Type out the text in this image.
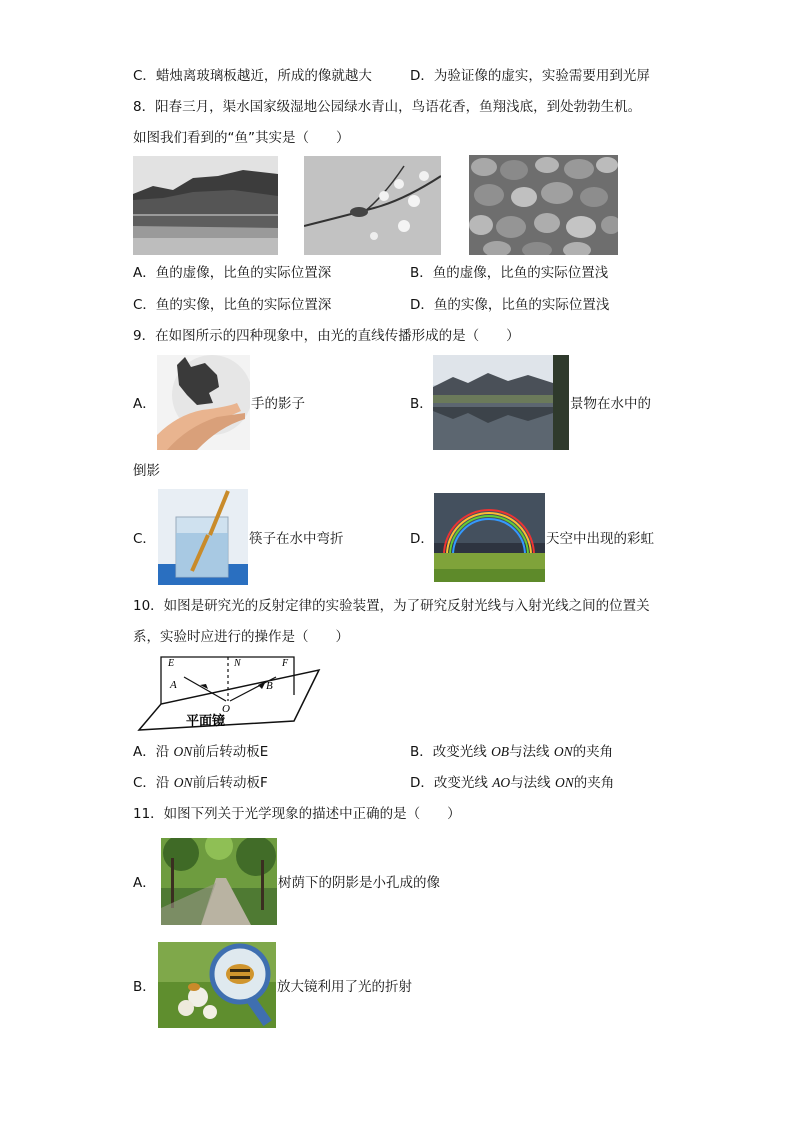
C．蜡烛离玻璃板越近，所成的像就越大	D．为验证像的虚实，实验需要用到光屏
8．阳春三月，渠水国家级湿地公园绿水青山，鸟语花香，鱼翔浅底，到处勃勃生机。
如图我们看到的“鱼”其实是（　　）
A．鱼的虚像，比鱼的实际位置深	B．鱼的虚像，比鱼的实际位置浅
C．鱼的实像，比鱼的实际位置深	D．鱼的实像，比鱼的实际位置浅
9．在如图所示的四种现象中，由光的直线传播形成的是（　　）
A．	手的影子	B．	景物在水中的
倒影
C．	筷子在水中弯折	D．	天空中出现的彩虹
10．如图是研究光的反射定律的实验装置，为了研究反射光线与入射光线之间的位置关
系，实验时应进行的操作是（　　）
E	N	F
A	B
O
平面镜
A．沿 ON前后转动板E	B．改变光线 OB与法线 ON的夹角
C．沿 ON前后转动板F	D．改变光线 AO与法线 ON的夹角
11．如图下列关于光学现象的描述中正确的是（　　）
A．	树荫下的阴影是小孔成的像
B．	放大镜利用了光的折射
